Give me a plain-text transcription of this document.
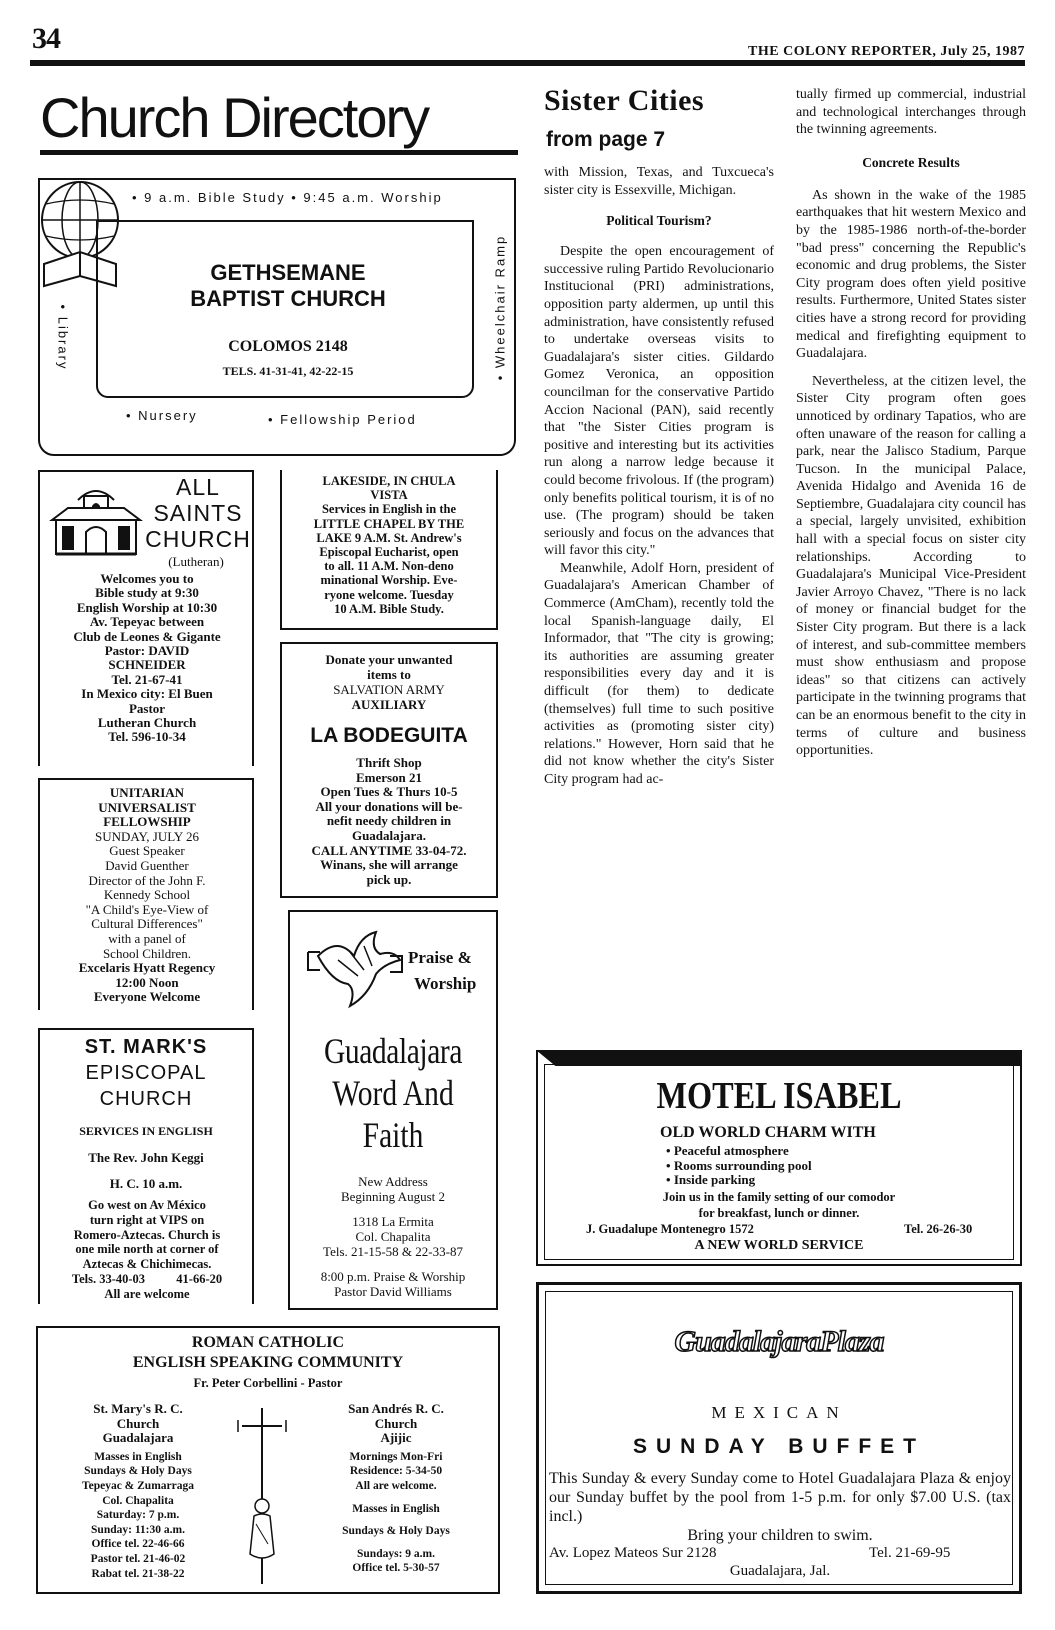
34	THE COLONY REPORTER, July 25, 1987
Church Directory
• 9 a.m. Bible Study • 9:45 a.m. Worship
GETHSEMANE
BAPTIST CHURCH
COLOMOS 2148
TELS. 41-31-41, 42-22-15
• Library	• Wheelchair Ramp
• Nursery	• Fellowship Period
ALL
SAINTS
CHURCH
(Lutheran)
Welcomes you to
Bible study at 9:30
English Worship at 10:30
Av. Tepeyac between
Club de Leones & Gigante
Pastor: DAVID
SCHNEIDER
Tel. 21-67-41
In Mexico city: El Buen
Pastor
Lutheran Church
Tel. 596-10-34
UNITARIAN
UNIVERSALIST
FELLOWSHIP
SUNDAY, JULY 26
Guest Speaker
David Guenther
Director of the John F.
Kennedy School
"A Child's Eye-View of
Cultural Differences"
with a panel of
School Children.
Excelaris Hyatt Regency
12:00 Noon
Everyone Welcome
ST. MARK'S
EPISCOPAL
CHURCH
SERVICES IN ENGLISH
The Rev. John Keggi
H. C. 10 a.m.
Go west on Av México
turn right at VIPS on
Romero-Aztecas. Church is
one mile north at corner of
Aztecas & Chichimecas.
Tels. 33-40-03          41-66-20
All are welcome
LAKESIDE, IN CHULA
VISTA
Services in English in the
LITTLE CHAPEL BY THE
LAKE 9 A.M. St. Andrew's
Episcopal Eucharist, open
to all. 11 A.M. Non-deno
minational Worship. Eve-
ryone welcome. Tuesday
10 A.M. Bible Study.
Donate your unwanted
items to
SALVATION ARMY
AUXILIARY
LA BODEGUITA
Thrift Shop
Emerson 21
Open Tues & Thurs 10-5
All your donations will be-
nefit needy children in
Guadalajara.
CALL ANYTIME 33-04-72.
Winans, she will arrange
pick up.
Praise &
Worship
Guadalajara
Word And
Faith
New Address
Beginning August 2
1318 La Ermita
Col. Chapalita
Tels. 21-15-58 & 22-33-87
8:00 p.m. Praise & Worship
Pastor David Williams
ROMAN CATHOLIC
ENGLISH SPEAKING COMMUNITY
Fr. Peter Corbellini - Pastor
St. Mary's R. C.
Church
Guadalajara
Masses in English
Sundays & Holy Days
Tepeyac & Zumarraga
Col. Chapalita
Saturday: 7 p.m.
Sunday: 11:30 a.m.
Office tel. 22-46-66
Pastor tel. 21-46-02
Rabat tel. 21-38-22
San Andrés R. C.
Church
Ajijic
Mornings Mon-Fri
Residence: 5-34-50
All are welcome.
Masses in English
Sundays & Holy Days
Sundays: 9 a.m.
Office tel. 5-30-57
Sister Cities
from page 7

with Mission, Texas, and Tuxcueca's sister city is Essexville, Michigan.

Political Tourism?

Despite the open encouragement of successive ruling Partido Revolucionario Institucional (PRI) administrations, opposition party aldermen, up until this administration, have consistently refused to undertake overseas visits to Guadalajara's sister cities. Gildardo Gomez Veronica, an opposition councilman for the conservative Partido Accion Nacional (PAN), said recently that "the Sister Cities program is positive and interesting but its activities run along a narrow ledge because it could become frivolous. If (the program) only benefits political tourism, it is of no use. (The program) should be taken seriously and focus on the advances that will favor this city."

Meanwhile, Adolf Horn, president of Guadalajara's American Chamber of Commerce (AmCham), recently told the local Spanish-language daily, El Informador, that "The city is growing; its authorities are assuming greater responsibilities every day and it is difficult (for them) to dedicate (themselves) full time to such positive activities as (promoting sister city) relations." However, Horn said that he did not know whether the city's Sister City program had ac-

tually firmed up commercial, industrial and technological interchanges through the twinning agreements.

Concrete Results

As shown in the wake of the 1985 earthquakes that hit western Mexico and by the 1985-1986 north-of-the-border "bad press" concerning the Republic's economic and drug problems, the Sister City program does often yield positive results. Furthermore, United States sister cities have a strong record for providing medical and firefighting equipment to Guadalajara.

Nevertheless, at the citizen level, the Sister City program often goes unnoticed by ordinary Tapatios, who are often unaware of the reason for calling a park, near the Jalisco Stadium, Parque Tucson. In the municipal Palace, Avenida Hidalgo and Avenida 16 de Septiembre, Guadalajara city council has a special, largely unvisited, exhibition hall with a special focus on sister city relationships. According to Guadalajara's Municipal Vice-President Javier Arroyo Chavez, "There is no lack of money or financial budget for the Sister City program. But there is a lack of interest, and sub-committee members must show enthusiasm and propose ideas" so that citizens can actively participate in the twinning programs that can be an enormous benefit to the city in terms of culture and business opportunities.

MOTEL ISABEL
OLD WORLD CHARM WITH
• Peaceful atmosphere
• Rooms surrounding pool
• Inside parking
Join us in the family setting of our comodor
for breakfast, lunch or dinner.
J. Guadalupe Montenegro 1572	Tel. 26-26-30
A NEW WORLD SERVICE
GuadalajaraPlaza
MEXICAN
SUNDAY BUFFET
This Sunday & every Sunday come to Hotel Guadalajara Plaza & enjoy our Sunday buffet by the pool from 1-5 p.m. for only $7.00 U.S. (tax incl.)
Bring your children to swim.
Av. Lopez Mateos Sur 2128	Tel. 21-69-95
Guadalajara, Jal.
